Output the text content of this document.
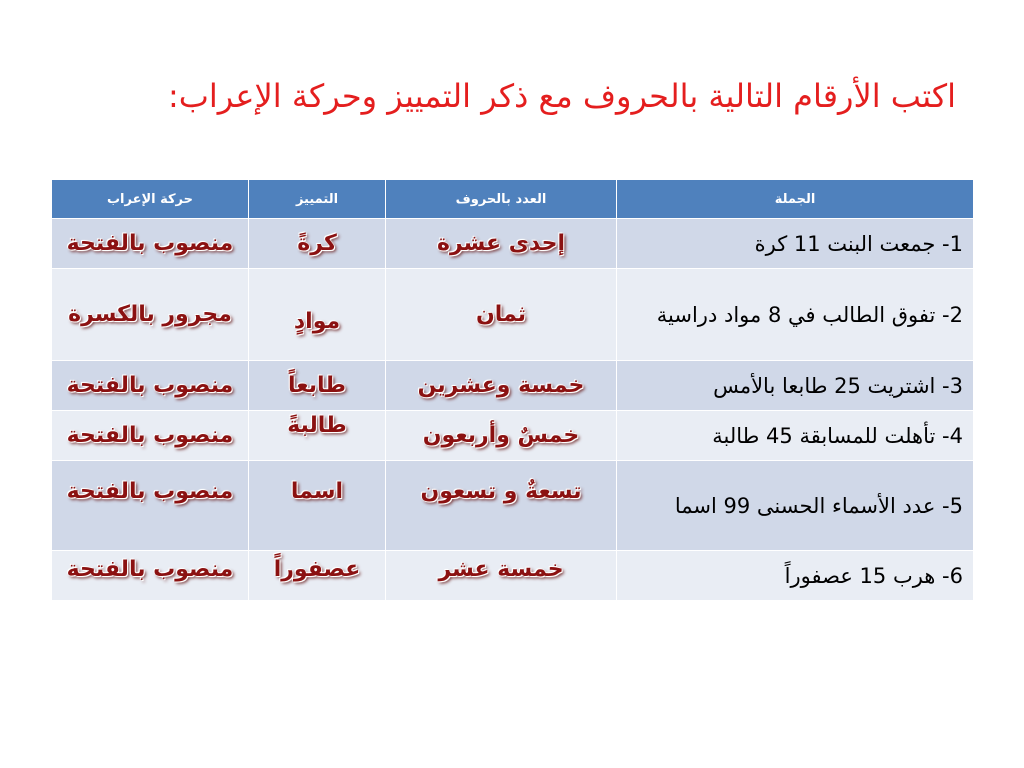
اكتب الأرقام التالية بالحروف مع ذكر التمييز وحركة الإعراب:
الجملة	العدد بالحروف	التمييز	حركة الإعراب
1- جمعت البنت 11 كرة	إحدى عشرة	كرةً	منصوب بالفتحة
2- تفوق الطالب في 8 مواد دراسية	ثمان	موادٍ	مجرور بالكسرة
3- اشتريت 25 طابعا بالأمس	خمسة وعشرين	طابعاً	منصوب بالفتحة
4- تأهلت للمسابقة 45 طالبة	خمسٌ وأربعون	طالبةً	منصوب بالفتحة
5- عدد الأسماء الحسنى 99 اسما	تسعةٌ و تسعون	اسما	منصوب بالفتحة
6- هرب 15 عصفوراً	خمسة عشر	عصفوراً	منصوب بالفتحة
